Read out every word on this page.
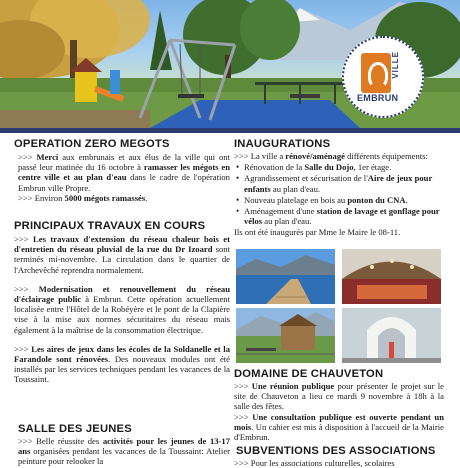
VILLE
EMBRUN
OPERATION ZERO MEGOTS

>>> Merci aux embrunais et aux élus de la ville qui ont passé leur matinée du 16 octobre à ramasser les mégots en centre ville et au plan d'eau dans le cadre de l'opération Embrun ville Propre.

>>> Environ 5000 mégots ramassés.

PRINCIPAUX TRAVAUX EN COURS

>>> Les travaux d'extension du réseau chaleur bois et d'entretien du réseau pluvial de la rue du Dr Izoard sont terminés mi-novembre. La circulation dans le quartier de l'Archevêché reprendra normalement.

>>> Modernisation et renouvellement du réseau d'éclairage public à Embrun. Cette opération actuellement localisée entre l'Hôtel de la Robéyère et le pont de la Clapière vise à la mise aux normes sécuritaires du réseau mais également à la maîtrise de la consommation électrique.

>>> Les aires de jeux dans les écoles de la Soldanelle et la Farandole sont rénovées. Des nouveaux modules ont été installés par les services techniques pendant les vacances de la Toussaint.

SALLE DES JEUNES

>>> Belle réussite des activités pour les jeunes de 13-17 ans organisées pendant les vacances de la Toussaint: Atelier peinture pour relooker la

INAUGURATIONS

>>> La ville a rénové/aménagé différents équipements:

• Rénovation de la Salle du Dojo, 1er étage.
• Agrandissement et sécurisation de l'Aire de jeux pour enfants au plan d'eau.
• Nouveau platelage en bois au ponton du CNA.
• Aménagement d'une station de lavage et gonflage pour vélos au plan d'eau.

Ils ont été inaugurés par Mme le Maire le 08-11.

DOMAINE DE CHAUVETON

>>> Une réunion publique pour présenter le projet sur le site de Chauveton a lieu ce mardi 9 novembre à 18h à la salle des fêtes.

>>> Une consultation publique est ouverte pendant un mois. Un cahier est mis à disposition à l'accueil de la Mairie d'Embrun.

SUBVENTIONS DES ASSOCIATIONS

>>> Pour les associations culturelles, scolaires
